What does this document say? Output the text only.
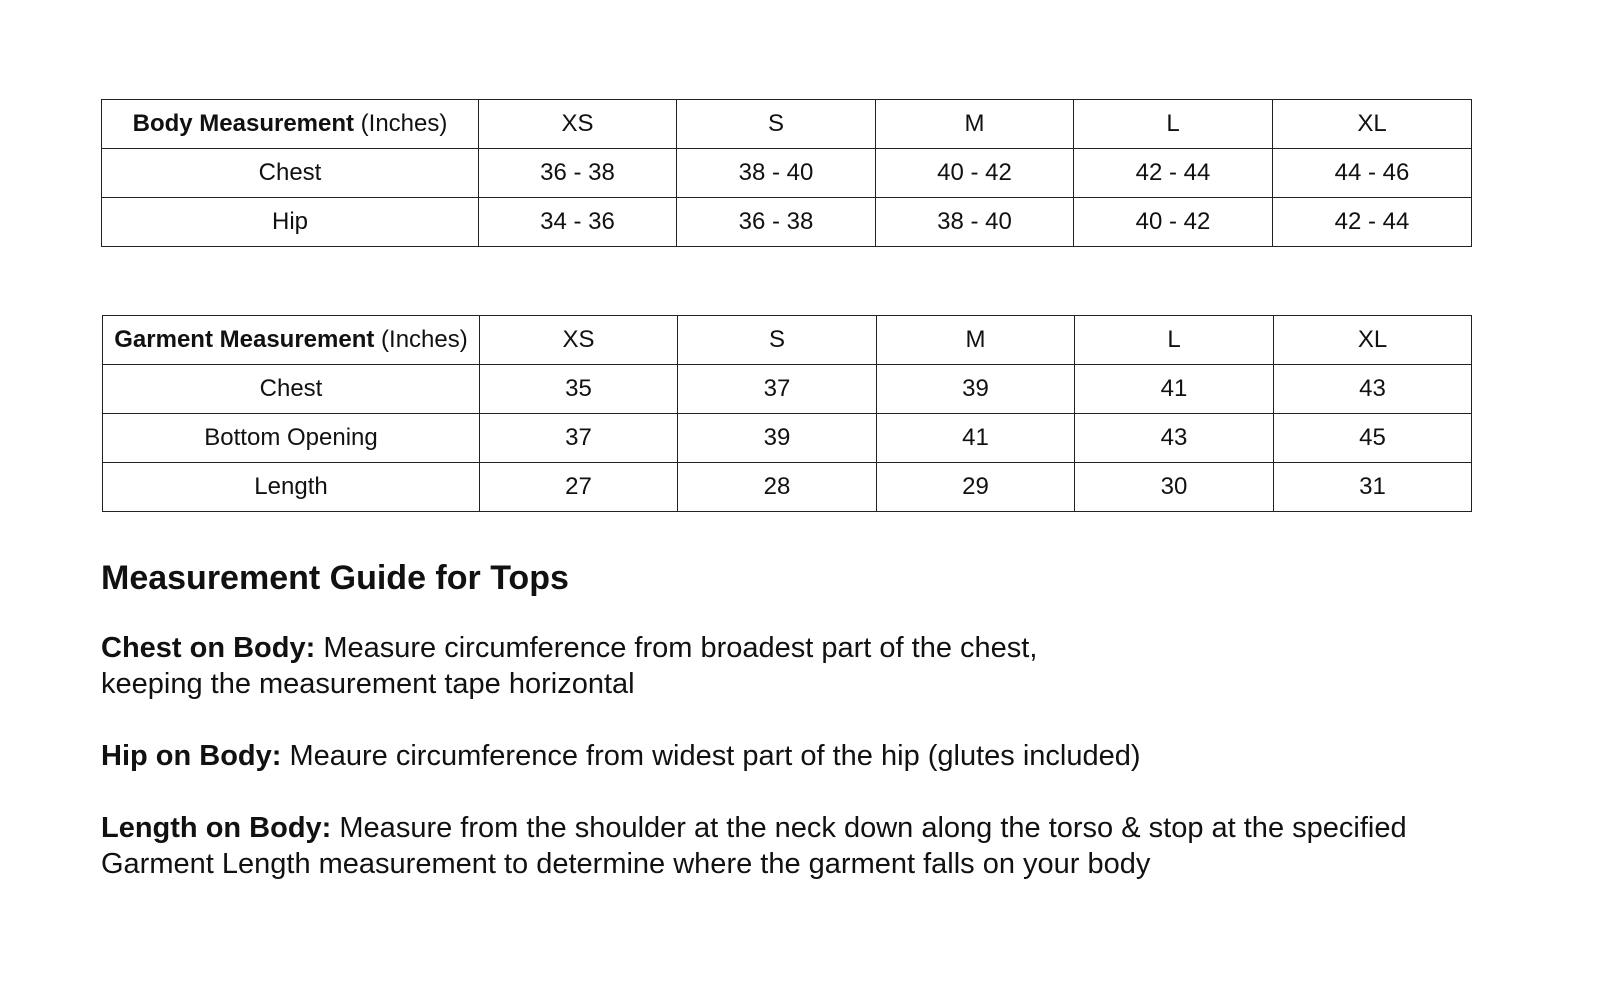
Body Measurement (Inches)	XS	S	M	L	XL
Chest	36 - 38	38 - 40	40 - 42	42 - 44	44 - 46
Hip	34 - 36	36 - 38	38 - 40	40 - 42	42 - 44
Garment Measurement (Inches)	XS	S	M	L	XL
Chest	35	37	39	41	43
Bottom Opening	37	39	41	43	45
Length	27	28	29	30	31
Measurement Guide for Tops

Chest on Body: Measure circumference from broadest part of the chest,
keeping the measurement tape horizontal

Hip on Body: Meaure circumference from widest part of the hip (glutes included)

Length on Body: Measure from the shoulder at the neck down along the torso & stop at the specified
Garment Length measurement to determine where the garment falls on your body
